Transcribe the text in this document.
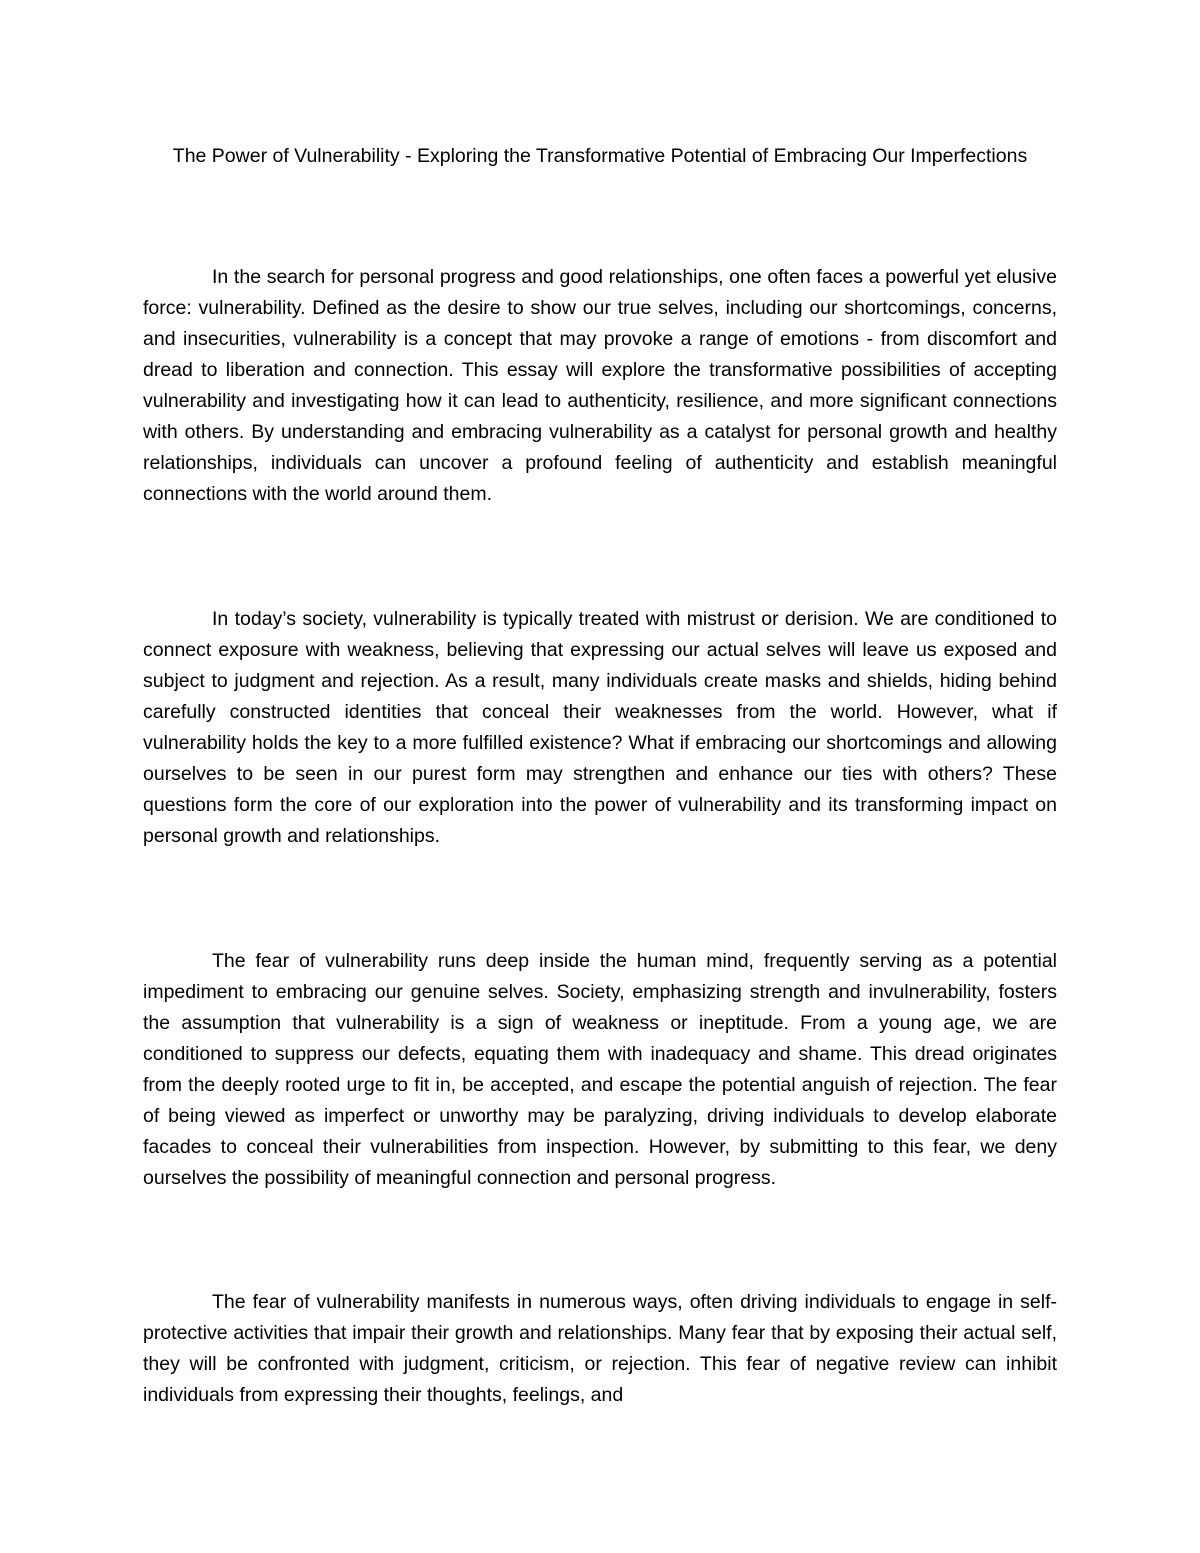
The Power of Vulnerability - Exploring the Transformative Potential of Embracing Our Imperfections

In the search for personal progress and good relationships, one often faces a powerful yet elusive force: vulnerability. Defined as the desire to show our true selves, including our shortcomings, concerns, and insecurities, vulnerability is a concept that may provoke a range of emotions - from discomfort and dread to liberation and connection. This essay will explore the transformative possibilities of accepting vulnerability and investigating how it can lead to authenticity, resilience, and more significant connections with others. By understanding and embracing vulnerability as a catalyst for personal growth and healthy relationships, individuals can uncover a profound feeling of authenticity and establish meaningful connections with the world around them.

In today’s society, vulnerability is typically treated with mistrust or derision. We are conditioned to connect exposure with weakness, believing that expressing our actual selves will leave us exposed and subject to judgment and rejection. As a result, many individuals create masks and shields, hiding behind carefully constructed identities that conceal their weaknesses from the world. However, what if vulnerability holds the key to a more fulfilled existence? What if embracing our shortcomings and allowing ourselves to be seen in our purest form may strengthen and enhance our ties with others? These questions form the core of our exploration into the power of vulnerability and its transforming impact on personal growth and relationships.

The fear of vulnerability runs deep inside the human mind, frequently serving as a potential impediment to embracing our genuine selves. Society, emphasizing strength and invulnerability, fosters the assumption that vulnerability is a sign of weakness or ineptitude. From a young age, we are conditioned to suppress our defects, equating them with inadequacy and shame. This dread originates from the deeply rooted urge to fit in, be accepted, and escape the potential anguish of rejection. The fear of being viewed as imperfect or unworthy may be paralyzing, driving individuals to develop elaborate facades to conceal their vulnerabilities from inspection. However, by submitting to this fear, we deny ourselves the possibility of meaningful connection and personal progress.

The fear of vulnerability manifests in numerous ways, often driving individuals to engage in self-protective activities that impair their growth and relationships. Many fear that by exposing their actual self, they will be confronted with judgment, criticism, or rejection. This fear of negative review can inhibit individuals from expressing their thoughts, feelings, and
